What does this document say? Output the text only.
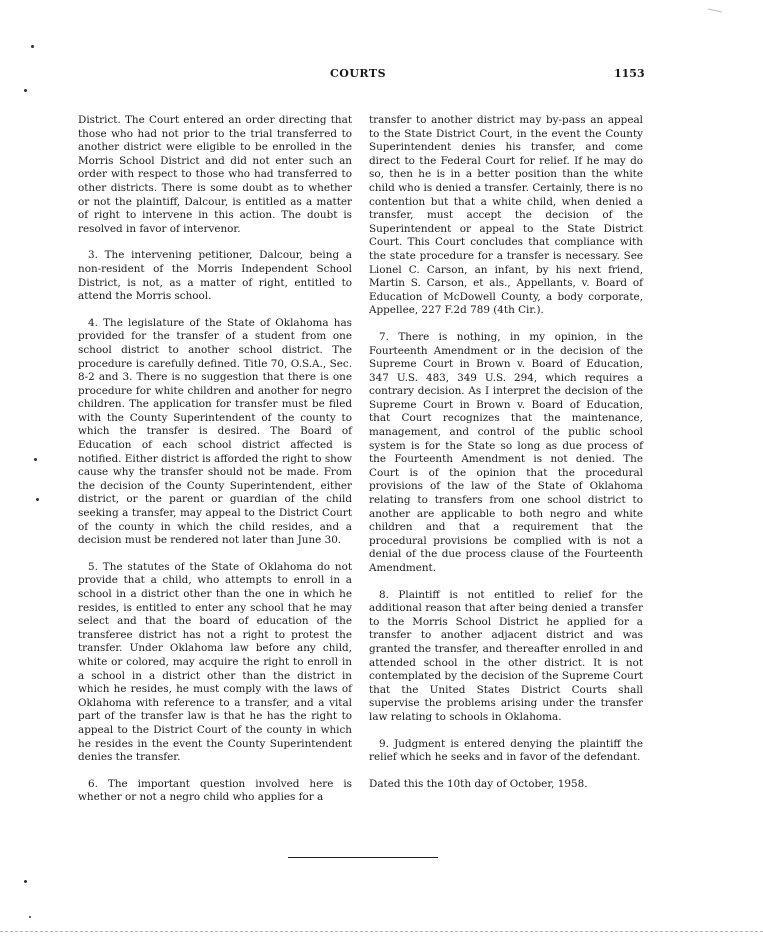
COURTS	1153

District. The Court entered an order directing that those who had not prior to the trial transferred to another district were eligible to be enrolled in the Morris School District and did not enter such an order with respect to those who had transferred to other districts. There is some doubt as to whether or not the plaintiff, Dalcour, is entitled as a matter of right to intervene in this action. The doubt is resolved in favor of intervenor.

3. The intervening petitioner, Dalcour, being a non-resident of the Morris Independent School District, is not, as a matter of right, entitled to attend the Morris school.

4. The legislature of the State of Oklahoma has provided for the transfer of a student from one school district to another school district. The procedure is carefully defined. Title 70, O.S.A., Sec. 8-2 and 3. There is no suggestion that there is one procedure for white children and another for negro children. The application for transfer must be filed with the County Superintendent of the county to which the transfer is desired. The Board of Education of each school district affected is notified. Either district is afforded the right to show cause why the transfer should not be made. From the decision of the County Superintendent, either district, or the parent or guardian of the child seeking a transfer, may appeal to the District Court of the county in which the child resides, and a decision must be rendered not later than June 30.

5. The statutes of the State of Oklahoma do not provide that a child, who attempts to enroll in a school in a district other than the one in which he resides, is entitled to enter any school that he may select and that the board of education of the transferee district has not a right to protest the transfer. Under Oklahoma law before any child, white or colored, may acquire the right to enroll in a school in a district other than the district in which he resides, he must comply with the laws of Oklahoma with reference to a transfer, and a vital part of the transfer law is that he has the right to appeal to the District Court of the county in which he resides in the event the County Superintendent denies the transfer.

6. The important question involved here is whether or not a negro child who applies for a

transfer to another district may by-pass an appeal to the State District Court, in the event the County Superintendent denies his transfer, and come direct to the Federal Court for relief. If he may do so, then he is in a better position than the white child who is denied a transfer. Certainly, there is no contention but that a white child, when denied a transfer, must accept the decision of the Superintendent or appeal to the State District Court. This Court concludes that compliance with the state procedure for a transfer is necessary. See Lionel C. Carson, an infant, by his next friend, Martin S. Carson, et als., Appellants, v. Board of Education of McDowell County, a body corporate, Appellee, 227 F.2d 789 (4th Cir.).

7. There is nothing, in my opinion, in the Fourteenth Amendment or in the decision of the Supreme Court in Brown v. Board of Education, 347 U.S. 483, 349 U.S. 294, which requires a contrary decision. As I interpret the decision of the Supreme Court in Brown v. Board of Education, that Court recognizes that the maintenance, management, and control of the public school system is for the State so long as due process of the Fourteenth Amendment is not denied. The Court is of the opinion that the procedural provisions of the law of the State of Oklahoma relating to transfers from one school district to another are applicable to both negro and white children and that a requirement that the procedural provisions be complied with is not a denial of the due process clause of the Fourteenth Amendment.

8. Plaintiff is not entitled to relief for the additional reason that after being denied a transfer to the Morris School District he applied for a transfer to another adjacent district and was granted the transfer, and thereafter enrolled in and attended school in the other district. It is not contemplated by the decision of the Supreme Court that the United States District Courts shall supervise the problems arising under the transfer law relating to schools in Oklahoma.

9. Judgment is entered denying the plaintiff the relief which he seeks and in favor of the defendant.

Dated this the 10th day of October, 1958.
